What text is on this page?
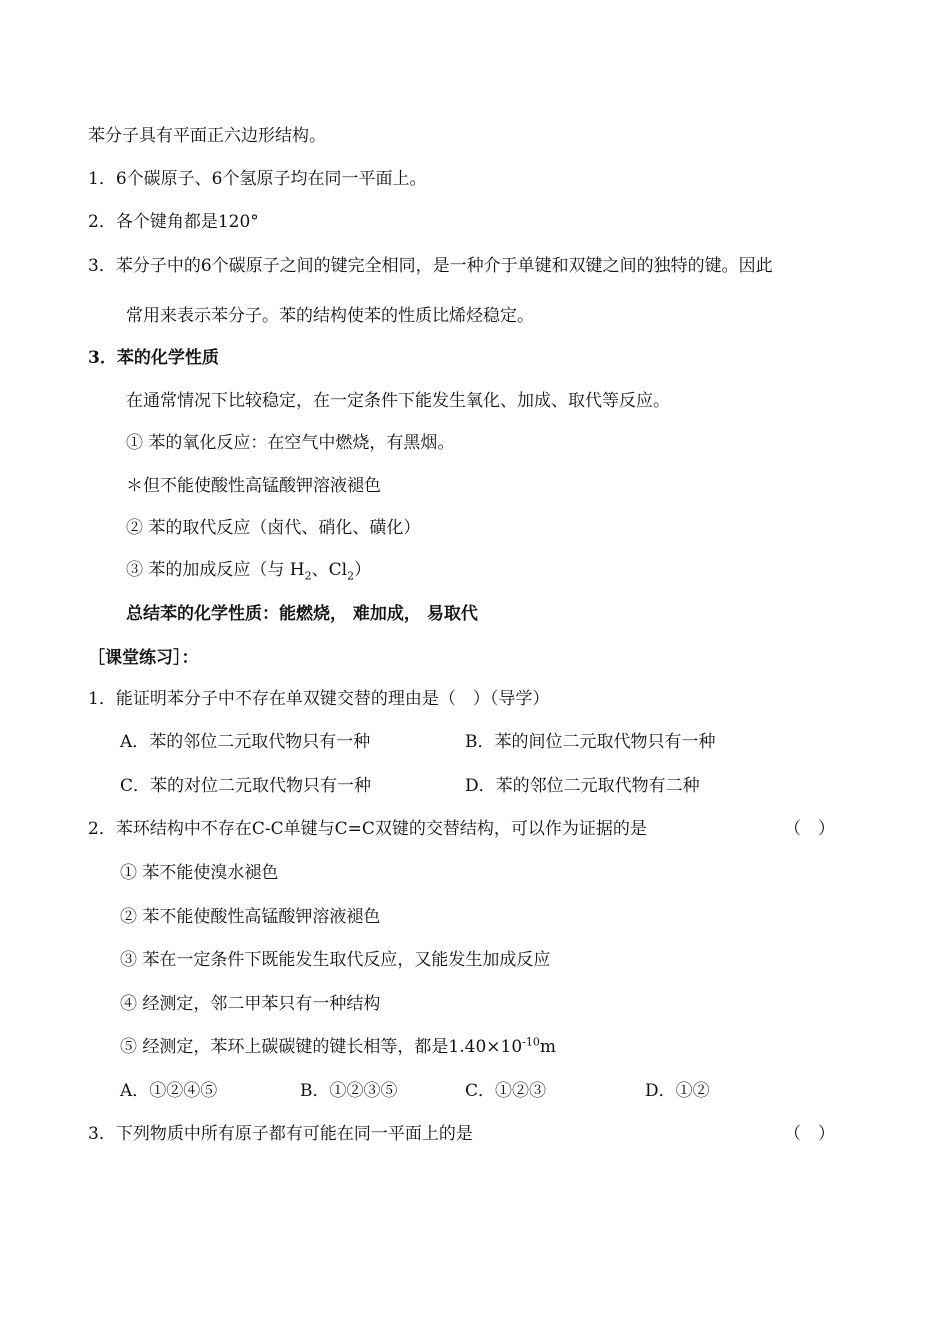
苯分子具有平面正六边形结构。
1．6个碳原子、6个氢原子均在同一平面上。
2．各个键角都是120°
3．苯分子中的6个碳原子之间的键完全相同，是一种介于单键和双键之间的独特的键。因此
常用来表示苯分子。苯的结构使苯的性质比烯烃稳定。
3．苯的化学性质
在通常情况下比较稳定，在一定条件下能发生氧化、加成、取代等反应。
① 苯的氧化反应：在空气中燃烧，有黑烟。
＊但不能使酸性高锰酸钾溶液褪色
② 苯的取代反应（卤代、硝化、磺化）
③ 苯的加成反应（与 $H_2$、$Cl_2$）
总结苯的化学性质：能燃烧， 难加成， 易取代
［课堂练习］：
1．能证明苯分子中不存在单双键交替的理由是（　）（导学）
A．苯的邻位二元取代物只有一种	B．苯的间位二元取代物只有一种
C．苯的对位二元取代物只有一种	D．苯的邻位二元取代物有二种
2．苯环结构中不存在C-C单键与C=C双键的交替结构，可以作为证据的是	（　）
① 苯不能使溴水褪色
② 苯不能使酸性高锰酸钾溶液褪色
③ 苯在一定条件下既能发生取代反应，又能发生加成反应
④ 经测定，邻二甲苯只有一种结构
⑤ 经测定，苯环上碳碳键的键长相等，都是$1.40\times 10^{-10}m$
A．①②④⑤	B．①②③⑤	C．①②③	D．①②
3．下列物质中所有原子都有可能在同一平面上的是	（　）
